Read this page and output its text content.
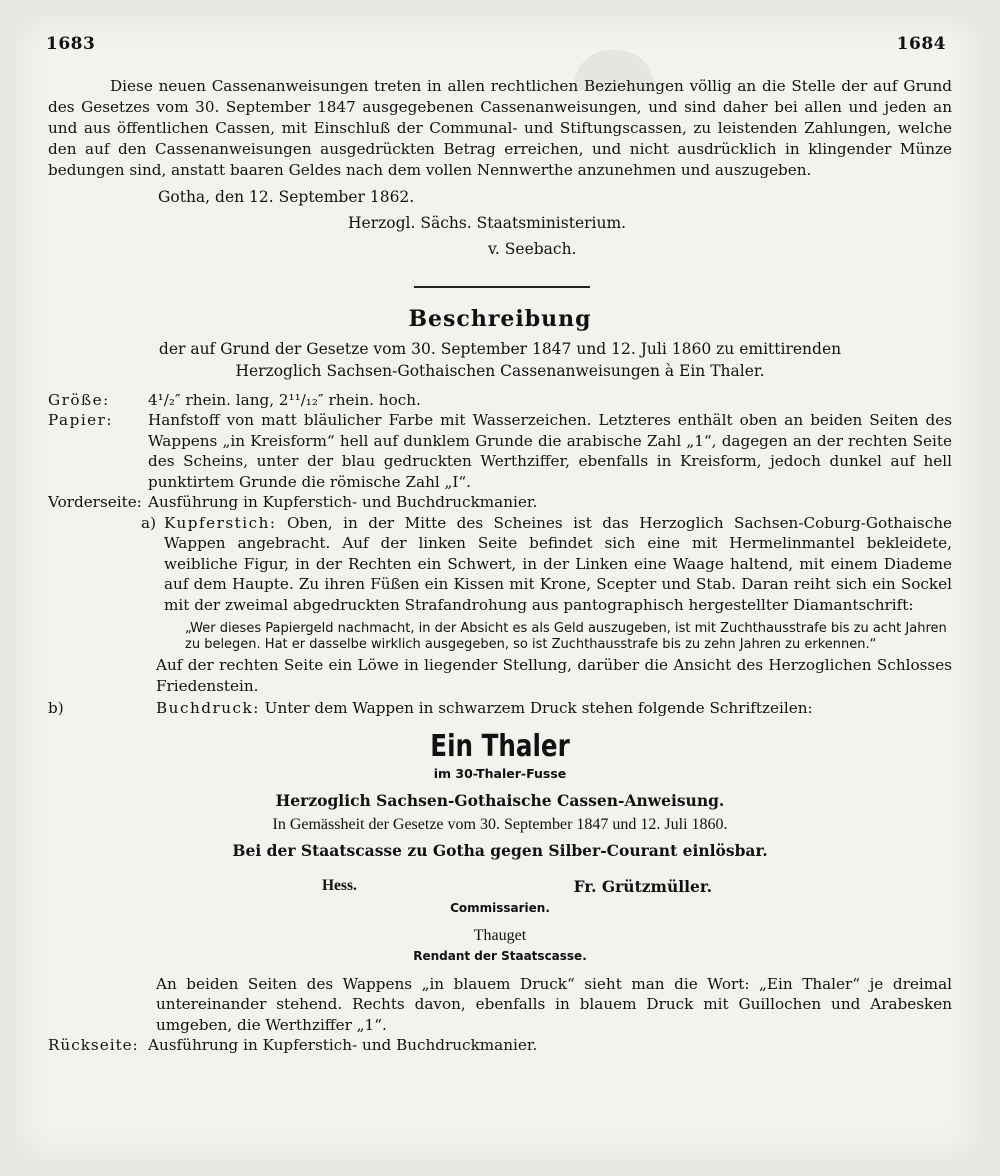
1683	1684

Diese neuen Cassenanweisungen treten in allen rechtlichen Beziehungen völlig an die Stelle der auf Grund des Gesetzes vom 30. September 1847 ausgegebenen Cassenanweisungen, und sind daher bei allen und jeden an und aus öffentlichen Cassen, mit Einschluß der Communal- und Stiftungscassen, zu leistenden Zahlungen, welche den auf den Cassenanweisungen ausgedrückten Betrag erreichen, und nicht ausdrücklich in klingender Münze bedungen sind, anstatt baaren Geldes nach dem vollen Nennwerthe anzunehmen und auszugeben.

Gotha, den 12. September 1862.

Herzogl. Sächs. Staatsministerium.

v. Seebach.

Beschreibung

der auf Grund der Gesetze vom 30. September 1847 und 12. Juli 1860 zu emittirenden

Herzoglich Sachsen-Gothaischen Cassenanweisungen à Ein Thaler.

Größe:	4¹/₂″ rhein. lang, 2¹¹/₁₂″ rhein. hoch.
Papier:	Hanfstoff von matt bläulicher Farbe mit Wasserzeichen. Letzteres enthält oben an beiden Seiten des Wappens „in Kreisform“ hell auf dunklem Grunde die arabische Zahl „1“, dagegen an der rechten Seite des Scheins, unter der blau gedruckten Werthziffer, ebenfalls in Kreisform, jedoch dunkel auf hell punktirtem Grunde die römische Zahl „I“.
Vorderseite: Ausführung in Kupferstich- und Buchdruckmanier.
a) Kupferstich: Oben, in der Mitte des Scheines ist das Herzoglich Sachsen-Coburg-Gothaische Wappen angebracht. Auf der linken Seite befindet sich eine mit Hermelinmantel bekleidete, weibliche Figur, in der Rechten ein Schwert, in der Linken eine Waage haltend, mit einem Diademe auf dem Haupte. Zu ihren Füßen ein Kissen mit Krone, Scepter und Stab. Daran reiht sich ein Sockel mit der zweimal abgedruckten Strafandrohung aus pantographisch hergestellter Diamantschrift:
„Wer dieses Papiergeld nachmacht, in der Absicht es als Geld auszugeben, ist mit Zuchthausstrafe bis zu acht Jahren zu belegen. Hat er dasselbe wirklich ausgegeben, so ist Zuchthausstrafe bis zu zehn Jahren zu erkennen.“
Auf der rechten Seite ein Löwe in liegender Stellung, darüber die Ansicht des Herzoglichen Schlosses Friedenstein.
b)	Buchdruck: Unter dem Wappen in schwarzem Druck stehen folgende Schriftzeilen:

Ein Thaler

im 30-Thaler-Fusse

Herzoglich Sachsen-Gothaische Cassen-Anweisung.

In Gemässheit der Gesetze vom 30. September 1847 und 12. Juli 1860.

Bei der Staatscasse zu Gotha gegen Silber-Courant einlösbar.

Hess.	Fr. Grützmüller.

Commissarien.

Thauget

Rendant der Staatscasse.

An beiden Seiten des Wappens „in blauem Druck“ sieht man die Wort: „Ein Thaler“ je dreimal untereinander stehend. Rechts davon, ebenfalls in blauem Druck mit Guillochen und Arabesken umgeben, die Werthziffer „1“.
Rückseite: Ausführung in Kupferstich- und Buchdruckmanier.
